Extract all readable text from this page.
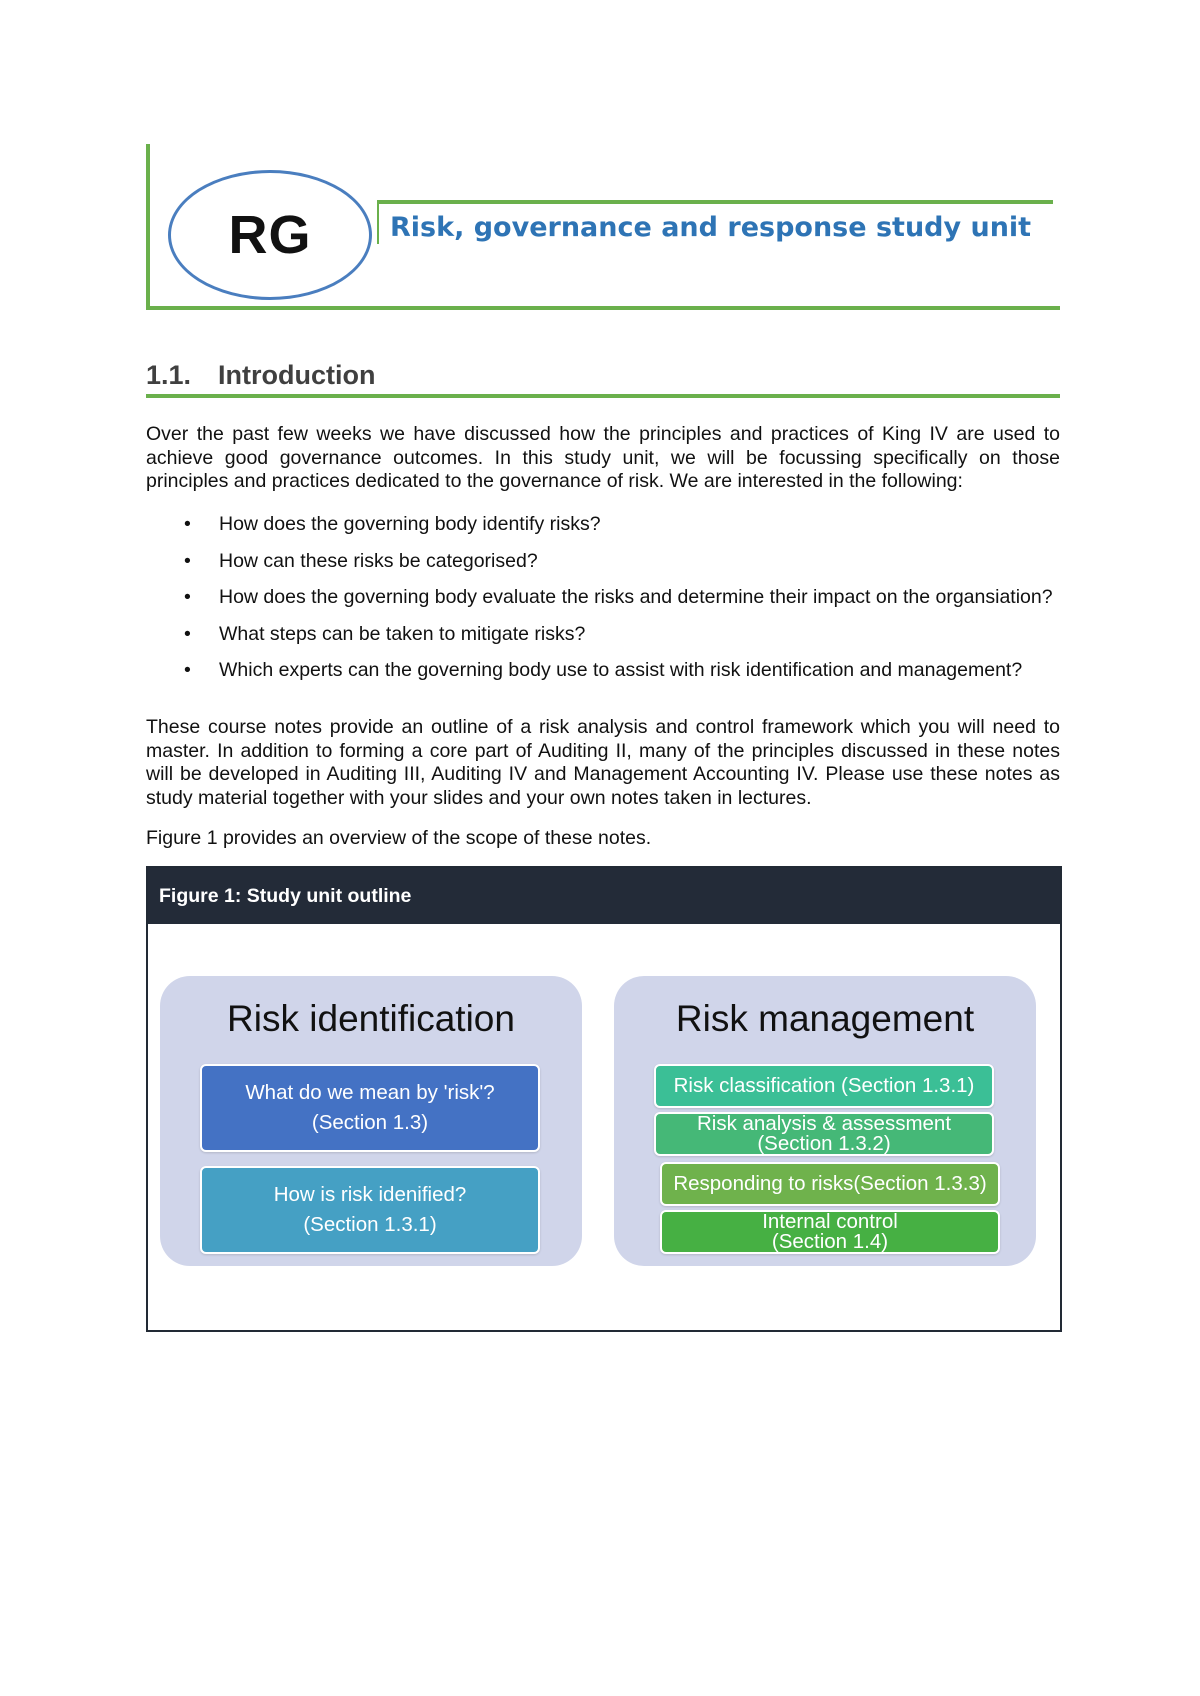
RG	Risk, governance and response study unit
1.1. Introduction

Over the past few weeks we have discussed how the principles and practices of King IV are used to achieve good governance outcomes. In this study unit, we will be focussing specifically on those principles and practices dedicated to the governance of risk. We are interested in the following:

• How does the governing body identify risks?
• How can these risks be categorised?
• How does the governing body evaluate the risks and determine their impact on the organsiation?
• What steps can be taken to mitigate risks?
• Which experts can the governing body use to assist with risk identification and management?

These course notes provide an outline of a risk analysis and control framework which you will need to master. In addition to forming a core part of Auditing II, many of the principles discussed in these notes will be developed in Auditing III, Auditing IV and Management Accounting IV. Please use these notes as study material together with your slides and your own notes taken in lectures.

Figure 1 provides an overview of the scope of these notes.

Figure 1: Study unit outline
Risk identification
What do we mean by 'risk'?
(Section 1.3)
How is risk idenified?
(Section 1.3.1)
Risk management
Risk classification (Section 1.3.1)
Risk analysis & assessment
(Section 1.3.2)
Responding to risks(Section 1.3.3)
Internal control
(Section 1.4)
